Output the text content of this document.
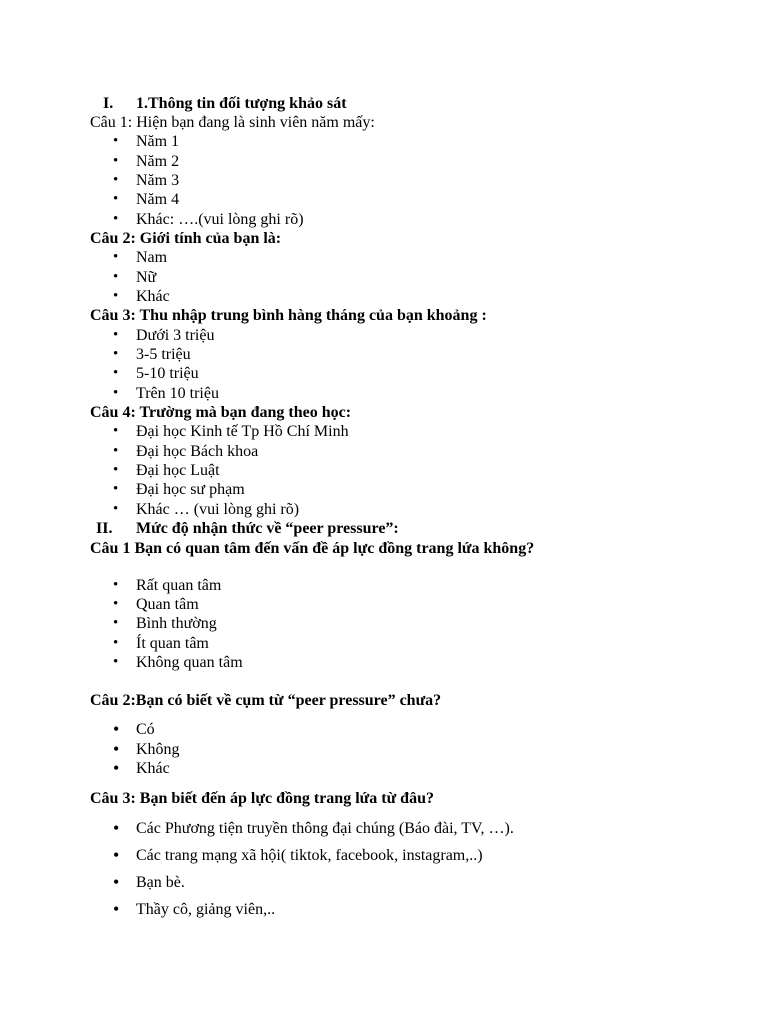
I. 1.Thông tin đối tượng khảo sát
Câu 1: Hiện bạn đang là sinh viên năm mấy:
• Năm 1
• Năm 2
• Năm 3
• Năm 4
• Khác: ….(vui lòng ghi rõ)
Câu 2: Giới tính của bạn là:
• Nam
• Nữ
• Khác
Câu 3: Thu nhập trung bình hàng tháng của bạn khoảng :
• Dưới 3 triệu
• 3-5 triệu
• 5-10 triệu
• Trên 10 triệu
Câu 4: Trường mà bạn đang theo học:
• Đại học Kinh tế Tp Hồ Chí Minh
• Đại học Bách khoa
• Đại học Luật
• Đại học sư phạm
• Khác … (vui lòng ghi rõ)
II. Mức độ nhận thức về “peer pressure”:
Câu 1 Bạn có quan tâm đến vấn đề áp lực đồng trang lứa không?
• Rất quan tâm
• Quan tâm
• Bình thường
• Ít quan tâm
• Không quan tâm
Câu 2:Bạn có biết về cụm từ “peer pressure” chưa?
• Có
• Không
• Khác
Câu 3: Bạn biết đến áp lực đồng trang lứa từ đâu?
• Các Phương tiện truyền thông đại chúng (Báo đài, TV, …).
• Các trang mạng xã hội( tiktok, facebook, instagram,..)
• Bạn bè.
• Thầy cô, giảng viên,..
